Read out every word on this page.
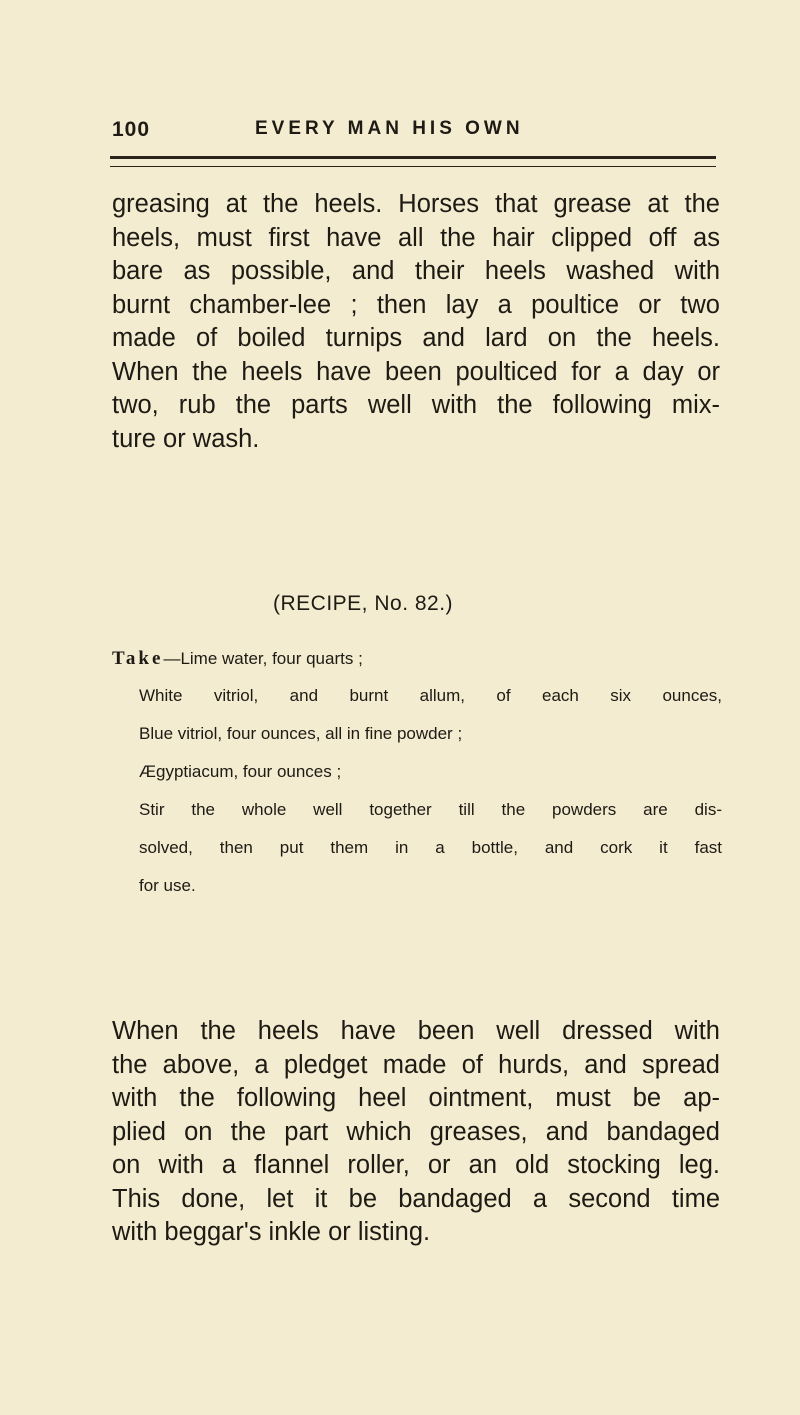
100	EVERY MAN HIS OWN

greasing at the heels. Horses that grease at the
heels, must first have all the hair clipped off as
bare as possible, and their heels washed with
burnt chamber-lee ; then lay a poultice or two
made of boiled turnips and lard on the heels.
When the heels have been poulticed for a day or
two, rub the parts well with the following mix-
ture or wash.

(RECIPE, No. 82.)
Take—Lime water, four quarts ;
White vitriol, and burnt allum, of each six ounces,
Blue vitriol, four ounces, all in fine powder ;
Ægyptiacum, four ounces ;
Stir the whole well together till the powders are dis-
solved, then put them in a bottle, and cork it fast
for use.

When the heels have been well dressed with
the above, a pledget made of hurds, and spread
with the following heel ointment, must be ap-
plied on the part which greases, and bandaged
on with a flannel roller, or an old stocking leg.
This done, let it be bandaged a second time
with beggar's inkle or listing.
